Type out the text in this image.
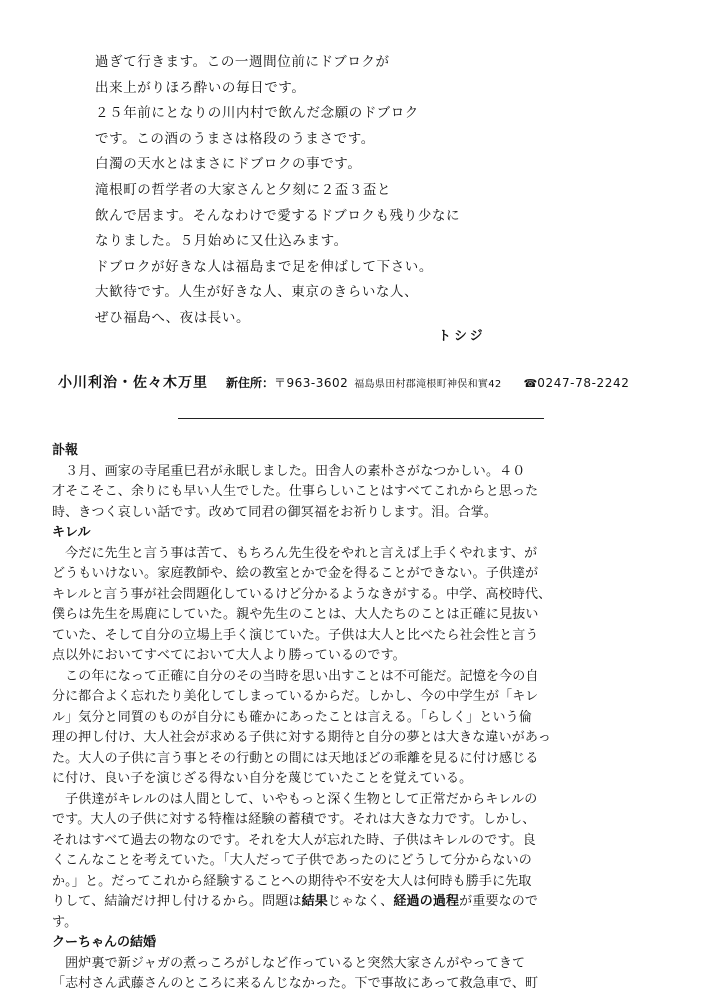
過ぎて行きます。この一週間位前にドブロクが
出来上がりほろ酔いの毎日です。
２５年前にとなりの川内村で飲んだ念願のドブロク
です。この酒のうまさは格段のうまさです。
白濁の天水とはまさにドブロクの事です。
滝根町の哲学者の大家さんと夕刻に２盃３盃と
飲んで居ます。そんなわけで愛するドブロクも残り少なに
なりました。５月始めに又仕込みます。
ドブロクが好きな人は福島まで足を伸ばして下さい。
大歓待です。人生が好きな人、東京のきらいな人、
ぜひ福島へ、夜は長い。
トシジ
小川利治・佐々木万里 新住所： 〒963-3602 福島県田村郡滝根町神俣和實42 ☎ 0247-78-2242
訃報
　３月、画家の寺尾重巳君が永眠しました。田舎人の素朴さがなつかしい。４０
才そこそこ、余りにも早い人生でした。仕事らしいことはすべてこれからと思った
時、きつく哀しい話です。改めて同君の御冥福をお祈りします。泪。合掌。
キレル
　今だに先生と言う事は苦て、もちろん先生役をやれと言えば上手くやれます、が
どうもいけない。家庭教師や、絵の教室とかで金を得ることができない。子供達が
キレルと言う事が社会問題化しているけど分かるようなきがする。中学、高校時代、
僕らは先生を馬鹿にしていた。親や先生のことは、大人たちのことは正確に見抜い
ていた、そして自分の立場上手く演じていた。子供は大人と比べたら社会性と言う
点以外においてすべてにおいて大人より勝っているのです。
　この年になって正確に自分のその当時を思い出すことは不可能だ。記憶を今の自
分に都合よく忘れたり美化してしまっているからだ。しかし、今の中学生が「キレ
ル」気分と同質のものが自分にも確かにあったことは言える。「らしく」という倫
理の押し付け、大人社会が求める子供に対する期待と自分の夢とは大きな違いがあっ
た。大人の子供に言う事とその行動との間には天地ほどの乖離を見るに付け感じる
に付け、良い子を演じざる得ない自分を蔑じていたことを覚えている。
　子供達がキレルのは人間として、いやもっと深く生物として正常だからキレルの
です。大人の子供に対する特権は経験の蓄積です。それは大きな力です。しかし、
それはすべて過去の物なのです。それを大人が忘れた時、子供はキレルのです。良
くこんなことを考えていた。「大人だって子供であったのにどうして分からないの
か。」と。だってこれから経験することへの期待や不安を大人は何時も勝手に先取
りして、結論だけ押し付けるから。問題は結果じゃなく、経過の過程が重要なので
す。
クーちゃんの結婚
　囲炉裏で新ジャガの煮っころがしなど作っていると突然大家さんがやってきて
「志村さん武藤さんのところに来るんじなかった。下で事故にあって救急車で、町
